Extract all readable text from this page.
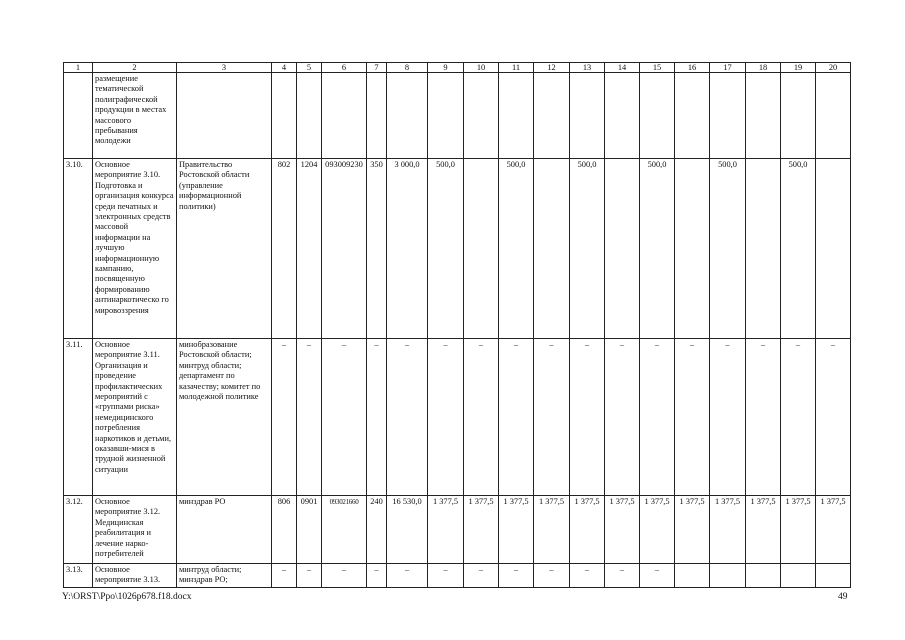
1	2	3	4	5	6	7	8	9	10	11	12	13	14	15	16	17	18	19	20
	размещение тематической полиграфической продукции в местах массового пребывания молодежи																		
3.10.	Основное мероприятие 3.10. Подготовка и организация конкурса среди печатных и электронных средств массовой информации на лучшую информационную кампанию, посвященную формированию антинаркотическо го мировоззрения	Правительство Ростовской области (управление информационной политики)	802	1204	093009230	350	3 000,0	500,0		500,0		500,0		500,0		500,0		500,0	
3.11.	Основное мероприятие 3.11. Организация и проведение профилактических мероприятий с «группами риска» немедицинского потребления наркотиков и детьми, оказавши-мися в трудной жизненной ситуации	минобразование Ростовской области; минтруд области; департамент по казачеству; комитет по молодежной политике	–	–	–	–	–	–	–	–	–	–	–	–	–	–	–	–	–
3.12.	Основное мероприятие 3.12. Медицинская реабилитация и лечение нарко-потребителей	минздрав РО	806	0901	093021660	240	16 530,0	1 377,5	1 377,5	1 377,5	1 377,5	1 377,5	1 377,5	1 377,5	1 377,5	1 377,5	1 377,5	1 377,5	1 377,5
3.13.	Основное мероприятие 3.13.	минтруд области; минздрав РО;	–	–	–	–	–	–	–	–	–	–	–	–					
Y:\ORST\Ppo\1026p678.f18.docx	49
